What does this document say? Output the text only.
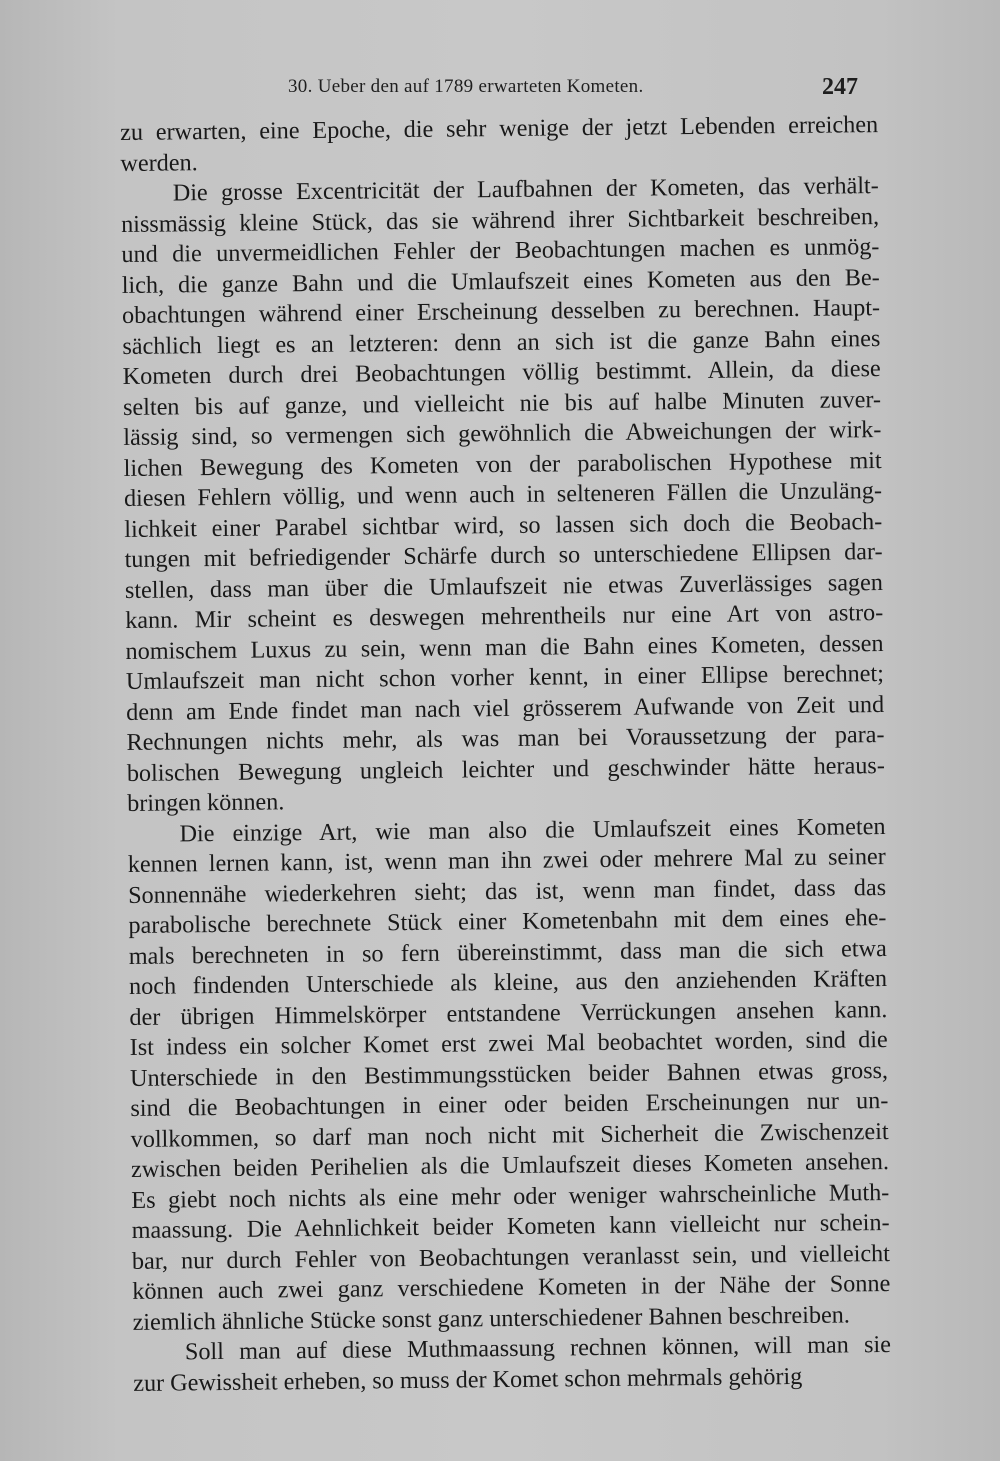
30. Ueber den auf 1789 erwarteten Kometen.	247

zu erwarten, eine Epoche, die sehr wenige der jetzt Lebenden erreichen
werden.

Die grosse Excentricität der Laufbahnen der Kometen, das verhält-
nissmässig kleine Stück, das sie während ihrer Sichtbarkeit beschreiben,
und die unvermeidlichen Fehler der Beobachtungen machen es unmög-
lich, die ganze Bahn und die Umlaufszeit eines Kometen aus den Be-
obachtungen während einer Erscheinung desselben zu berechnen. Haupt-
sächlich liegt es an letzteren: denn an sich ist die ganze Bahn eines
Kometen durch drei Beobachtungen völlig bestimmt. Allein, da diese
selten bis auf ganze, und vielleicht nie bis auf halbe Minuten zuver-
lässig sind, so vermengen sich gewöhnlich die Abweichungen der wirk-
lichen Bewegung des Kometen von der parabolischen Hypothese mit
diesen Fehlern völlig, und wenn auch in selteneren Fällen die Unzuläng-
lichkeit einer Parabel sichtbar wird, so lassen sich doch die Beobach-
tungen mit befriedigender Schärfe durch so unterschiedene Ellipsen dar-
stellen, dass man über die Umlaufszeit nie etwas Zuverlässiges sagen
kann. Mir scheint es deswegen mehrentheils nur eine Art von astro-
nomischem Luxus zu sein, wenn man die Bahn eines Kometen, dessen
Umlaufszeit man nicht schon vorher kennt, in einer Ellipse berechnet;
denn am Ende findet man nach viel grösserem Aufwande von Zeit und
Rechnungen nichts mehr, als was man bei Voraussetzung der para-
bolischen Bewegung ungleich leichter und geschwinder hätte heraus-
bringen können.

Die einzige Art, wie man also die Umlaufszeit eines Kometen
kennen lernen kann, ist, wenn man ihn zwei oder mehrere Mal zu seiner
Sonnennähe wiederkehren sieht; das ist, wenn man findet, dass das
parabolische berechnete Stück einer Kometenbahn mit dem eines ehe-
mals berechneten in so fern übereinstimmt, dass man die sich etwa
noch findenden Unterschiede als kleine, aus den anziehenden Kräften
der übrigen Himmelskörper entstandene Verrückungen ansehen kann.
Ist indess ein solcher Komet erst zwei Mal beobachtet worden, sind die
Unterschiede in den Bestimmungsstücken beider Bahnen etwas gross,
sind die Beobachtungen in einer oder beiden Erscheinungen nur un-
vollkommen, so darf man noch nicht mit Sicherheit die Zwischenzeit
zwischen beiden Perihelien als die Umlaufszeit dieses Kometen ansehen.
Es giebt noch nichts als eine mehr oder weniger wahrscheinliche Muth-
maassung. Die Aehnlichkeit beider Kometen kann vielleicht nur schein-
bar, nur durch Fehler von Beobachtungen veranlasst sein, und vielleicht
können auch zwei ganz verschiedene Kometen in der Nähe der Sonne
ziemlich ähnliche Stücke sonst ganz unterschiedener Bahnen beschreiben.

Soll man auf diese Muthmaassung rechnen können, will man sie
zur Gewissheit erheben, so muss der Komet schon mehrmals gehörig
